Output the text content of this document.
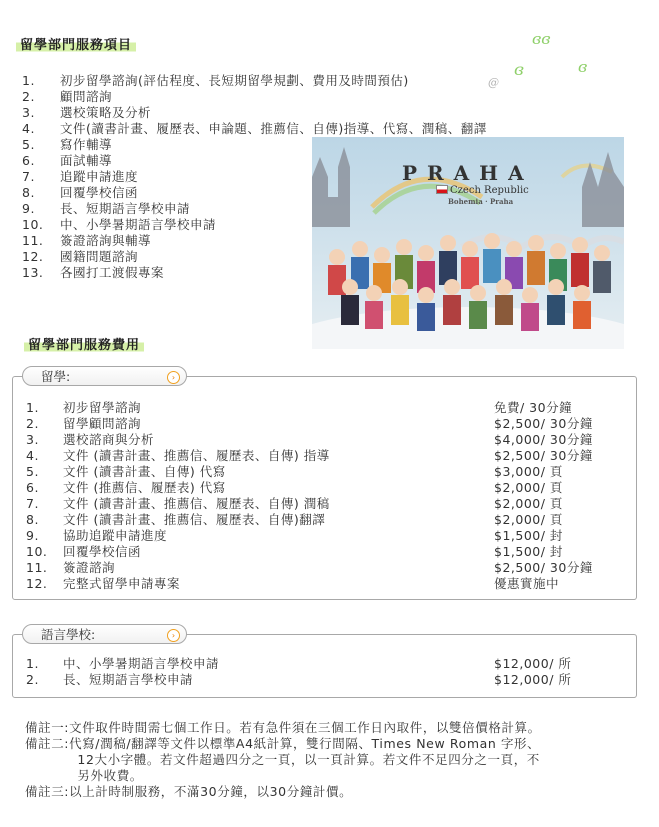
ɞɞ
ɞ	ɞ
@
留學部門服務項目
1.	初步留學諮詢(評估程度、長短期留學規劃、費用及時間預估)
2.	顧問諮詢
3.	選校策略及分析
4.	文件(讀書計畫、履歷表、申論題、推薦信、自傳)指導、代寫、潤稿、翻譯
5.	寫作輔導
6.	面試輔導
7.	追蹤申請進度
8.	回覆學校信函
9.	長、短期語言學校申請
10.	中、小學暑期語言學校申請
11.	簽證諮詢與輔導
12.	國籍問題諮詢
13.	各國打工渡假專案
PRAHA
Czech Republic
Bohemia · Praha
留學部門服務費用
1.	初步留學諮詢	免費/ 30分鐘
2.	留學顧問諮詢	$2,500/ 30分鐘
3.	選校諮商與分析	$4,000/ 30分鐘
4.	文件 (讀書計畫、推薦信、履歷表、自傳) 指導	$2,500/ 30分鐘
5.	文件 (讀書計畫、自傳) 代寫	$3,000/ 頁
6.	文件 (推薦信、履歷表) 代寫	$2,000/ 頁
7.	文件 (讀書計畫、推薦信、履歷表、自傳) 潤稿	$2,000/ 頁
8.	文件 (讀書計畫、推薦信、履歷表、自傳)翻譯	$2,000/ 頁
9.	協助追蹤申請進度	$1,500/ 封
10.	回覆學校信函	$1,500/ 封
11.	簽證諮詢	$2,500/ 30分鐘
12.	完整式留學申請專案	優惠實施中
留學:	›
1.	中、小學暑期語言學校申請	$12,000/ 所
2.	長、短期語言學校申請	$12,000/ 所
語言學校:	›
備註一:文件取件時間需七個工作日。若有急件須在三個工作日內取件，以雙倍價格計算。
備註二:代寫/潤稿/翻譯等文件以標準A4紙計算，雙行間隔、Times New Roman 字形、
　　　　12大小字體。若文件超過四分之一頁，以一頁計算。若文件不足四分之一頁，不
　　　　另外收費。
備註三:以上計時制服務，不滿30分鐘，以30分鐘計價。
